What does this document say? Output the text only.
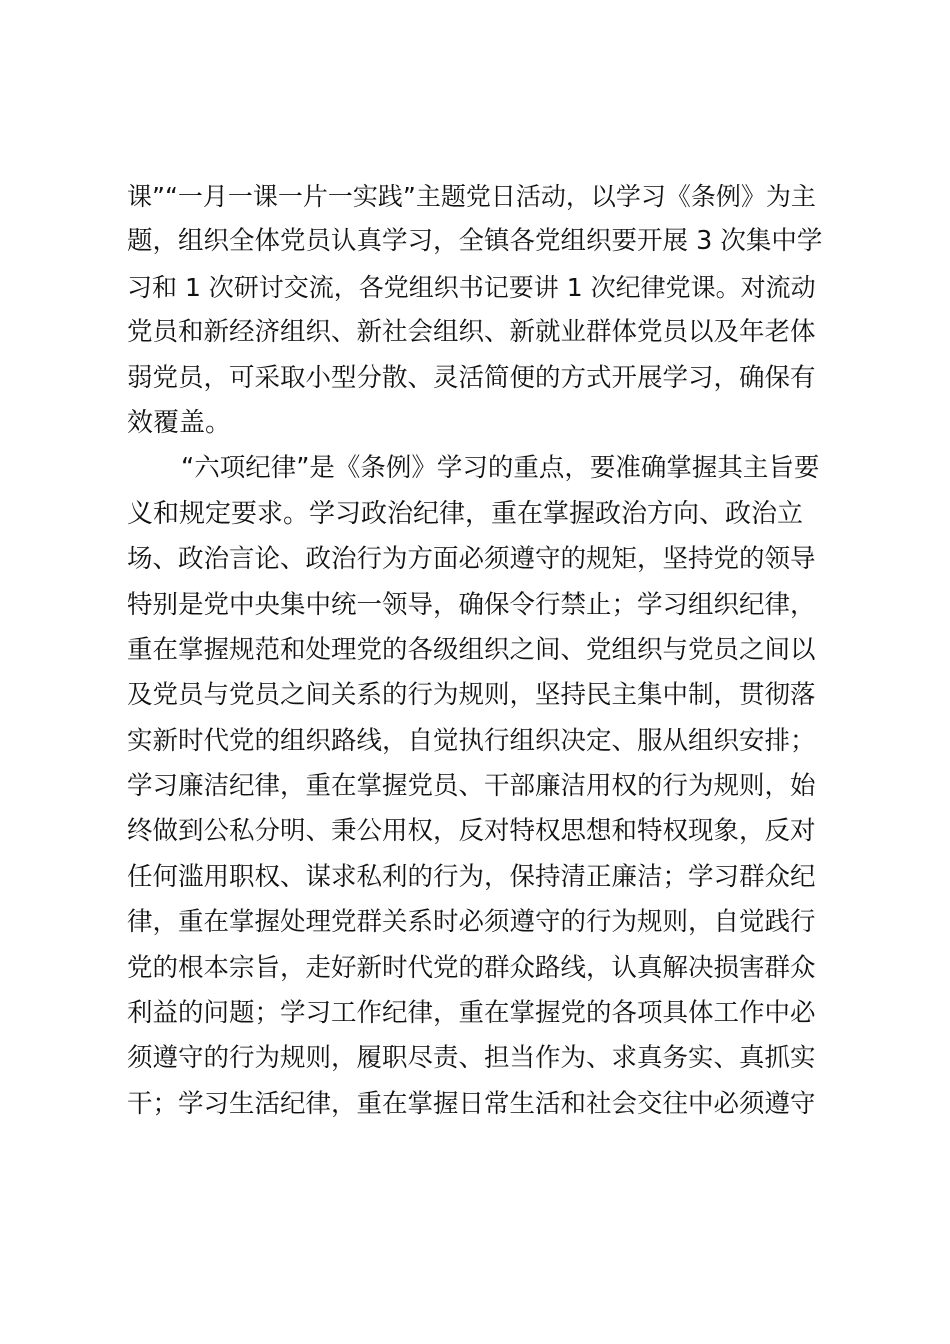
课”“一月一课一片一实践”主题党日活动，以学习《条例》为主
题，组织全体党员认真学习，全镇各党组织要开展 3 次集中学
习和 1 次研讨交流，各党组织书记要讲 1 次纪律党课。对流动
党员和新经济组织、新社会组织、新就业群体党员以及年老体
弱党员，可采取小型分散、灵活简便的方式开展学习，确保有
效覆盖。
“六项纪律”是《条例》学习的重点，要准确掌握其主旨要
义和规定要求。学习政治纪律，重在掌握政治方向、政治立
场、政治言论、政治行为方面必须遵守的规矩，坚持党的领导
特别是党中央集中统一领导，确保令行禁止；学习组织纪律，
重在掌握规范和处理党的各级组织之间、党组织与党员之间以
及党员与党员之间关系的行为规则，坚持民主集中制，贯彻落
实新时代党的组织路线，自觉执行组织决定、服从组织安排；
学习廉洁纪律，重在掌握党员、干部廉洁用权的行为规则，始
终做到公私分明、秉公用权，反对特权思想和特权现象，反对
任何滥用职权、谋求私利的行为，保持清正廉洁；学习群众纪
律，重在掌握处理党群关系时必须遵守的行为规则，自觉践行
党的根本宗旨，走好新时代党的群众路线，认真解决损害群众
利益的问题；学习工作纪律，重在掌握党的各项具体工作中必
须遵守的行为规则，履职尽责、担当作为、求真务实、真抓实
干；学习生活纪律，重在掌握日常生活和社会交往中必须遵守
